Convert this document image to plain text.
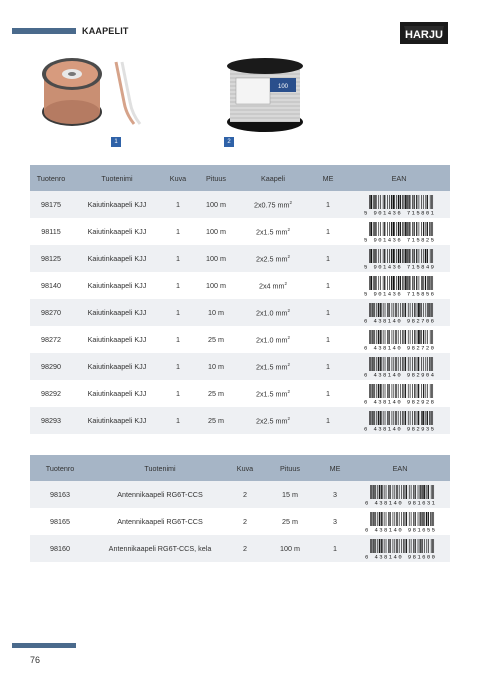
KAAPELIT	HARJU
1
100
2
Tuotenro	Tuotenimi	Kuva	Pituus	Kaapeli	ME	EAN
98175	Kaiutinkaapeli KJJ	1	100 m	2x0.75 $mm^2$	1	5 901436 715801

98115	Kaiutinkaapeli KJJ	1	100 m	2x1.5 $mm^2$	1	5 901436 715825

98125	Kaiutinkaapeli KJJ	1	100 m	2x2.5 $mm^2$	1	5 901436 715849

98140	Kaiutinkaapeli KJJ	1	100 m	2x4 $mm^2$	1	5 901436 715856

98270	Kaiutinkaapeli KJJ	1	10 m	2x1.0 $mm^2$	1	6 438140 982706

98272	Kaiutinkaapeli KJJ	1	25 m	2x1.0 $mm^2$	1	6 438140 982720

98290	Kaiutinkaapeli KJJ	1	10 m	2x1.5 $mm^2$	1	6 438140 982904

98292	Kaiutinkaapeli KJJ	1	25 m	2x1.5 $mm^2$	1	6 438140 982928

98293	Kaiutinkaapeli KJJ	1	25 m	2x2.5 $mm^2$	1	6 438140 982935
Tuotenro	Tuotenimi	Kuva	Pituus	ME	EAN
98163	Antennikaapeli RG6T-CCS	2	15 m	3	6 438140 981631

98165	Antennikaapeli RG6T-CCS	2	25 m	3	6 438140 981655

98160	Antennikaapeli RG6T-CCS, kela	2	100 m	1	6 438140 981600
76
